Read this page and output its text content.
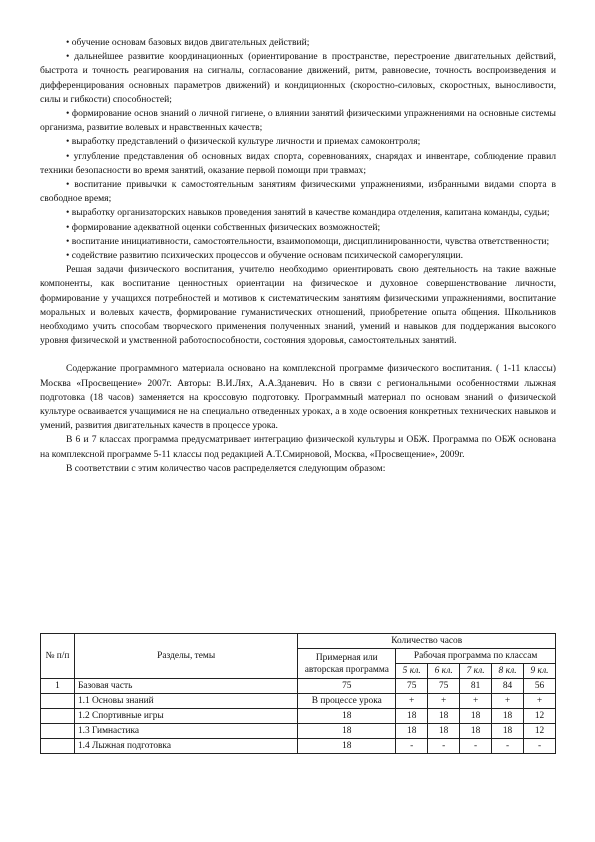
• обучение основам базовых видов двигательных действий;

• дальнейшее развитие координационных (ориентирование в пространстве, перестроение двигательных действий, быстрота и точность реагирования на сигналы, согласование движений, ритм, равновесие, точность воспроизведения и дифференцирования основных параметров движений) и кондиционных (скоростно-силовых, скоростных, выносливости, силы и гибкости) способностей;

• формирование основ знаний о личной гигиене, о влиянии занятий физическими упражнениями на основные системы организма, развитие волевых и нравственных качеств;

• выработку представлений о физической культуре личности и приемах самоконтроля;

• углубление представления об основных видах спорта, соревнованиях, снарядах и инвентаре, соблюдение правил техники безопасности во время занятий, оказание первой помощи при травмах;

• воспитание привычки к самостоятельным занятиям физическими упражнениями, избранными видами спорта в свободное время;

• выработку организаторских навыков проведения занятий в качестве командира отделения, капитана команды, судьи;

• формирование адекватной оценки собственных физических возможностей;

• воспитание инициативности, самостоятельности, взаимопомощи, дисциплинированности, чувства ответственности;

• содействие развитию психических процессов и обучение основам психической саморегуляции.

Решая задачи физического воспитания, учителю необходимо ориентировать свою деятельность на такие важные компоненты, как воспитание ценностных ориентации на физическое и духовное совершенствование личности, формирование у учащихся потребностей и мотивов к систематическим занятиям физическими упражнениями, воспитание моральных и волевых качеств, формирование гуманистических отношений, приобретение опыта общения. Школьников необходимо учить способам творческого применения полученных знаний, умений и навыков для поддержания высокого уровня физической и умственной работоспособности, состояния здоровья, самостоятельных занятий.

Содержание программного материала основано на комплексной программе физического воспитания. ( 1-11 классы) Москва «Просвещение» 2007г. Авторы: В.И.Лях, А.А.Зданевич. Но в связи с региональными особенностями лыжная подготовка (18 часов) заменяется на кроссовую подготовку. Программный материал по основам знаний о физической культуре осваивается учащимися не на специально отведенных уроках, а в ходе освоения конкретных технических навыков и умений, развития двигательных качеств в процессе урока.

В 6 и 7 классах программа предусматривает интеграцию физической культуры и ОБЖ. Программа по ОБЖ основана на комплексной программе 5-11 классы под редакцией А.Т.Смирновой, Москва, «Просвещение», 2009г.

В соответствии с этим количество часов распределяется следующим образом:

№ п/п	Разделы, темы	Количество часов					
		Примерная или авторская программа	Рабочая программа по классам				
			5 кл.	6 кл.	7 кл.	8 кл.	9 кл.
1	Базовая часть	75	75	75	81	84	56
	1.1 Основы знаний	В процессе урока	+	+	+	+	+
	1.2 Спортивные игры	18	18	18	18	18	12
	1.3 Гимнастика	18	18	18	18	18	12
	1.4 Лыжная подготовка	18	-	-	-	-	-
